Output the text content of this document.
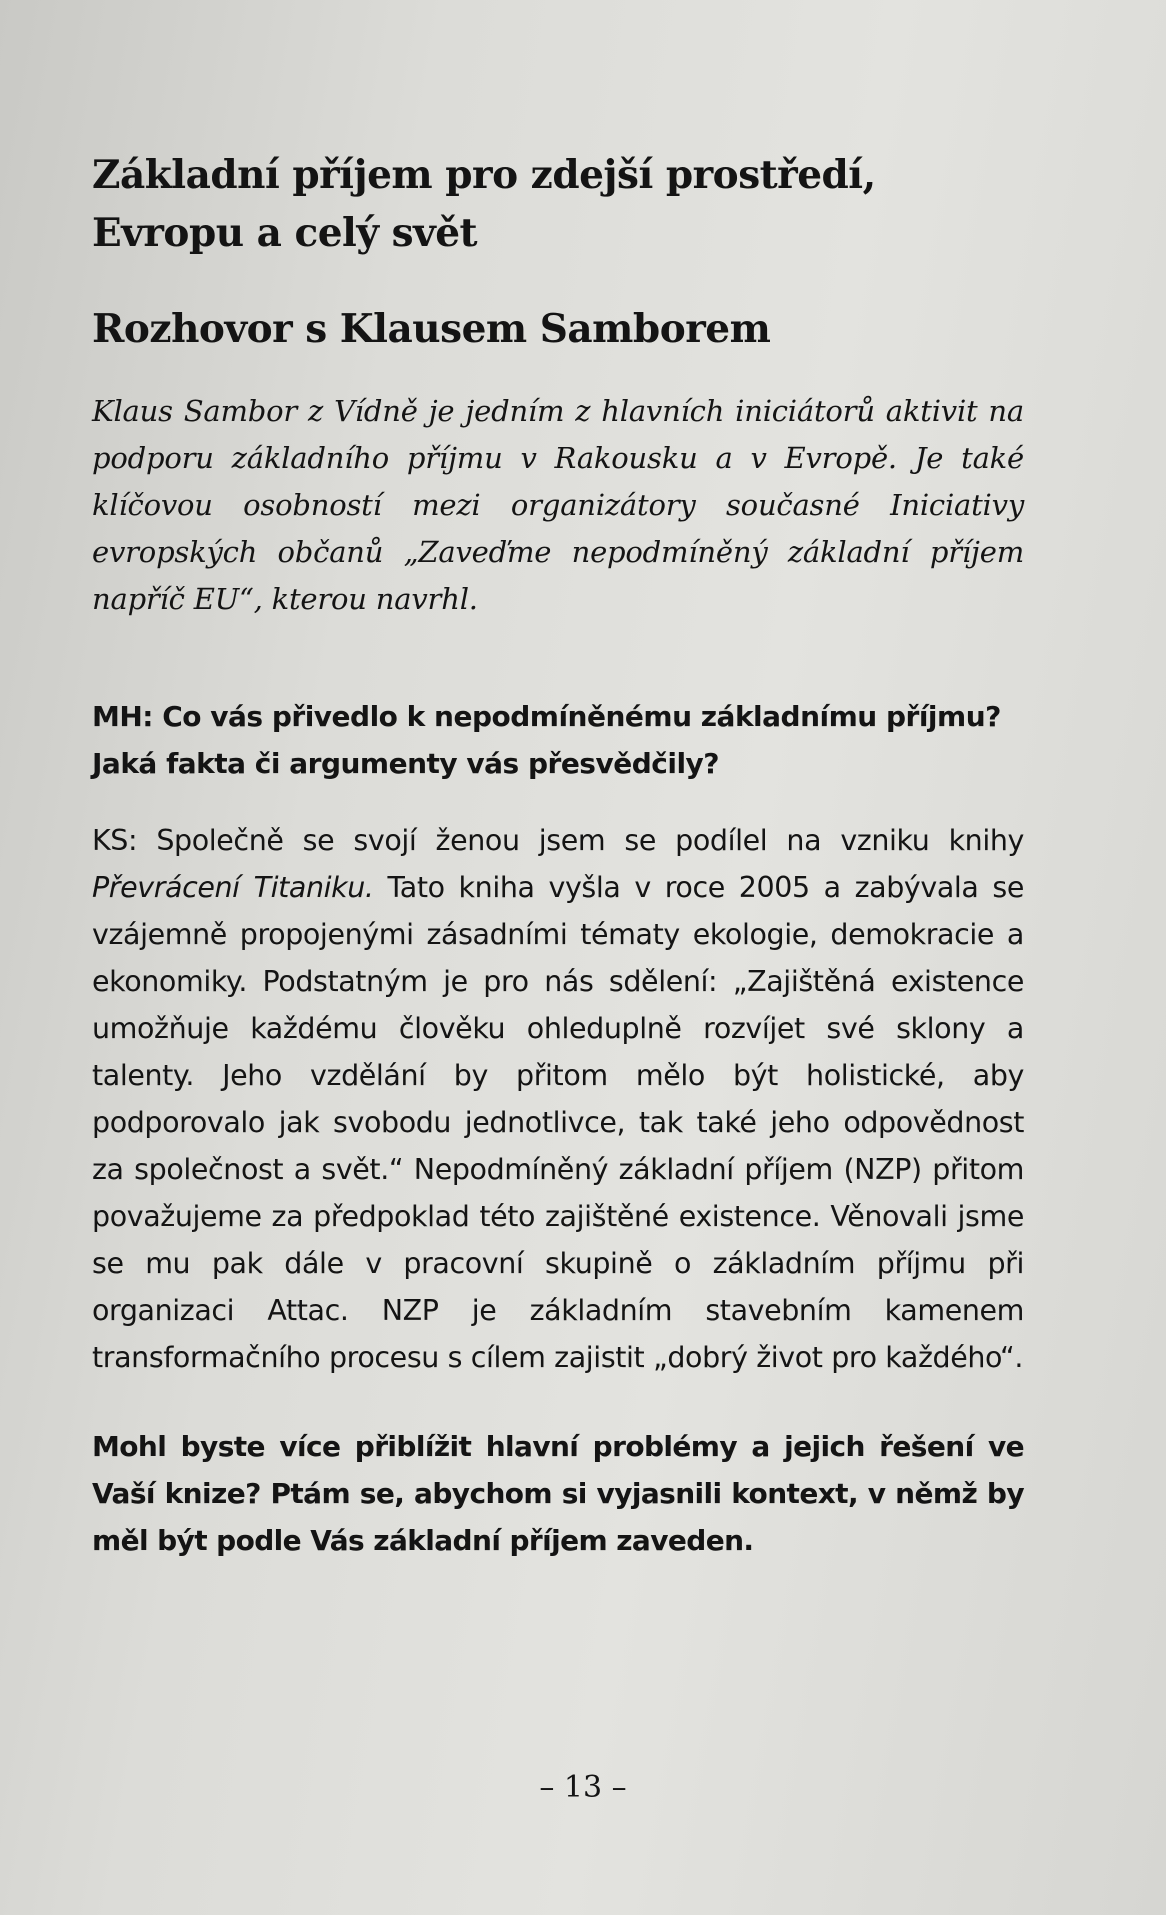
Základní příjem pro zdejší prostředí, Evropu a celý svět
Rozhovor s Klausem Samborem

Klaus Sambor z Vídně je jedním z hlavních iniciátorů aktivit na podporu základního příjmu v Rakousku a v Evropě. Je také klíčovou osobností mezi organizátory současné Iniciativy evropských občanů „Zaveďme nepodmíněný základní příjem napříč EU“, kterou navrhl.

MH: Co vás přivedlo k nepodmíněnému základnímu příjmu? Jaká fakta či argumenty vás přesvědčily?

KS: Společně se svojí ženou jsem se podílel na vzniku knihy Převrácení Titaniku. Tato kniha vyšla v roce 2005 a zabývala se vzájemně propojenými zásadními tématy ekologie, demokracie a ekonomiky. Podstatným je pro nás sdělení: „Zajištěná existence umožňuje každému člověku ohleduplně rozvíjet své sklony a talenty. Jeho vzdělání by přitom mělo být holistické, aby podporovalo jak svobodu jednotlivce, tak také jeho odpovědnost za společnost a svět.“ Nepodmíněný základní příjem (NZP) přitom považujeme za předpoklad této zajištěné existence. Věnovali jsme se mu pak dále v pracovní skupině o základním příjmu při organizaci Attac. NZP je základním stavebním kamenem transformačního procesu s cílem zajistit „dobrý život pro každého“.

Mohl byste více přiblížit hlavní problémy a jejich řešení ve Vaší knize? Ptám se, abychom si vyjasnili kontext, v němž by měl být podle Vás základní příjem zaveden.

– 13 –
